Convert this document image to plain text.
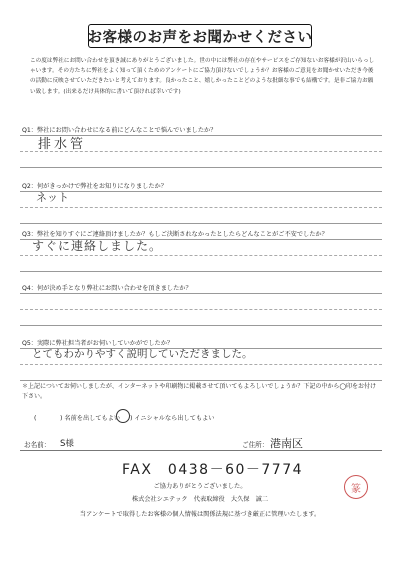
お客様のお声をお聞かせください
この度は弊社にお問い合わせを頂き誠にありがとうございました。世の中には弊社の存在やサービスをご存知ないお客様が沢山いらっしゃいます。その方たちに弊社をよく知って頂くためのアンケートにご協力頂けないでしょうか？お客様のご意見をお聞かせいただき今後の活動に反映させていただきたいと考えております。良かったこと、嬉しかったことどのような批細な事でも結構です。是非ご協力お願い致します。(出来るだけ具体的に書いて頂ければ幸いです)
Q1：弊社にお問い合わせになる前にどんなことで悩んでいましたか？
排水管
Q2：何がきっかけで弊社をお知りになりましたか？
ネット
Q3：弊社を知りすぐにご連絡頂けましたか？もしご決断されなかったとしたらどんなことがご不安でしたか？
すぐに連絡しました。
Q4：何が決め手となり弊社にお問い合わせを頂きましたか？
Q5：実際に弊社担当者がお伺いしていかがでしたか？
とてもわかりやすく説明していただきました。
＊上記についてお伺いしましたが、インターネットや印刷物に掲載させて頂いてもよろしいでしょうか？下記の中から◯印をお付け下さい。
(	) 名前を出してもよい ) イニシャルなら出してもよい
お名前： S様	ご住所： 港南区
FAX　0438－60－7774
ご協力ありがとうございました。
株式会社シエテック　代表取締役　大久保　誠二
当アンケートで取得したお客様の個人情報は関係法規に基づき厳正に管理いたします。
篆
